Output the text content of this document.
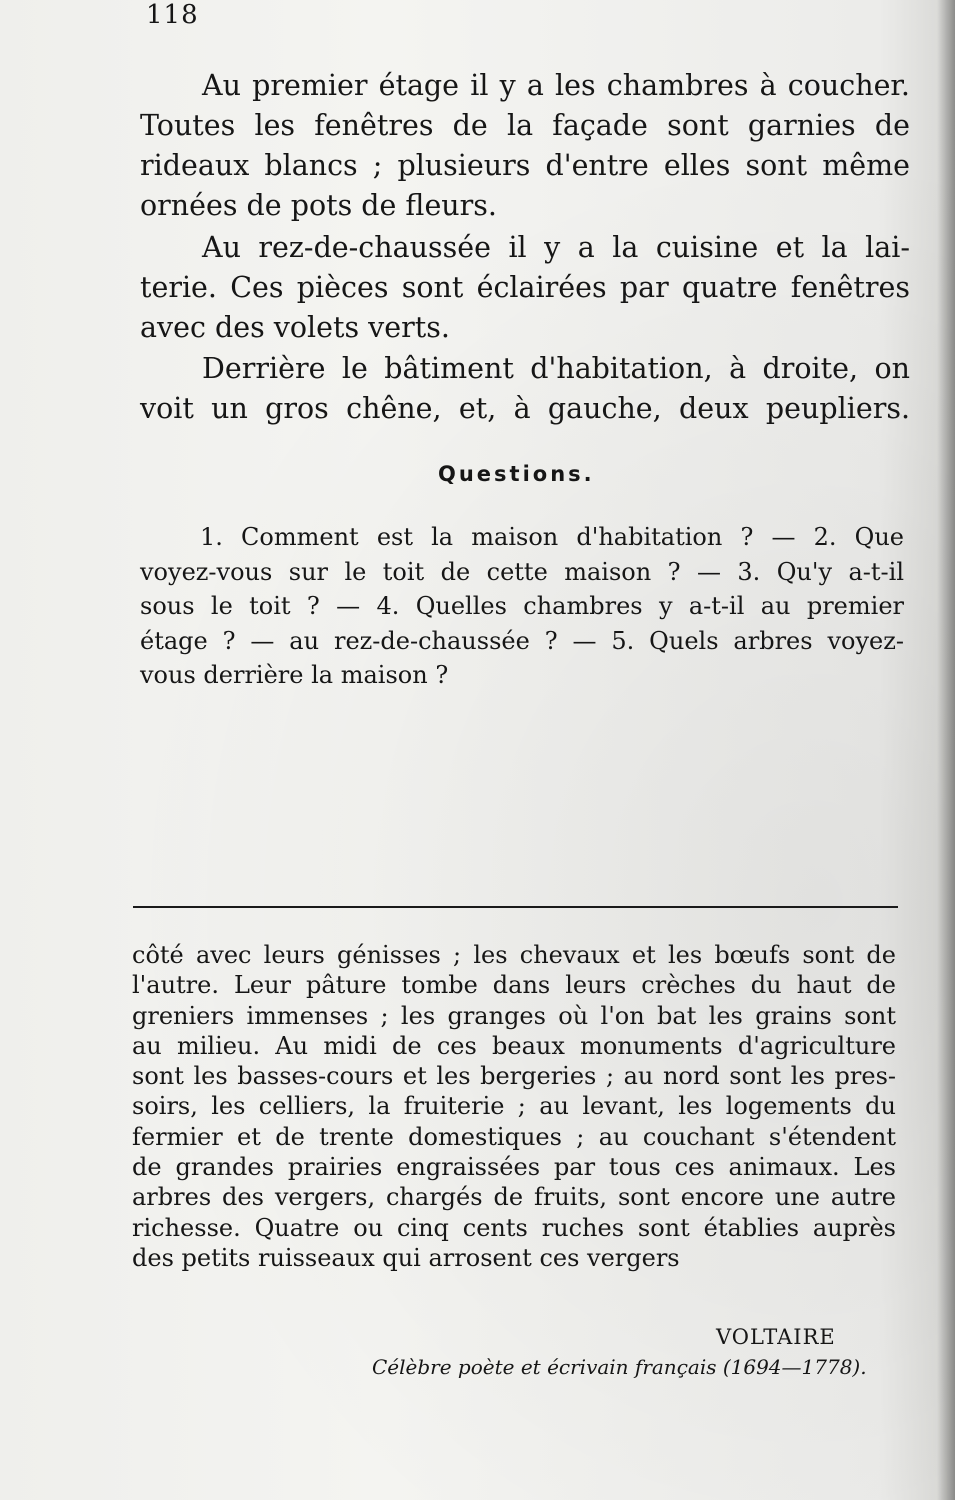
118
Au premier étage il y a les chambres à coucher.
Toutes les fenêtres de la façade sont garnies de
rideaux blancs ; plusieurs d'entre elles sont même
ornées de pots de fleurs.
Au rez-de-chaussée il y a la cuisine et la lai-
terie. Ces pièces sont éclairées par quatre fenêtres
avec des volets verts.
Derrière le bâtiment d'habitation, à droite, on
voit un gros chêne, et, à gauche, deux peupliers.
Questions.
1. Comment est la maison d'habitation ? — 2. Que
voyez-vous sur le toit de cette maison ? — 3. Qu'y a-t-il
sous le toit ? — 4. Quelles chambres y a-t-il au premier
étage ? — au rez-de-chaussée ? — 5. Quels arbres voyez-
vous derrière la maison ?
côté avec leurs génisses ; les chevaux et les bœufs sont de
l'autre. Leur pâture tombe dans leurs crèches du haut de
greniers immenses ; les granges où l'on bat les grains sont
au milieu. Au midi de ces beaux monuments d'agriculture
sont les basses-cours et les bergeries ; au nord sont les pres-
soirs, les celliers, la fruiterie ; au levant, les logements du
fermier et de trente domestiques ; au couchant s'étendent
de grandes prairies engraissées par tous ces animaux. Les
arbres des vergers, chargés de fruits, sont encore une autre
richesse. Quatre ou cinq cents ruches sont établies auprès
des petits ruisseaux qui arrosent ces vergers
VOLTAIRE
Célèbre poète et écrivain français (1694—1778).
